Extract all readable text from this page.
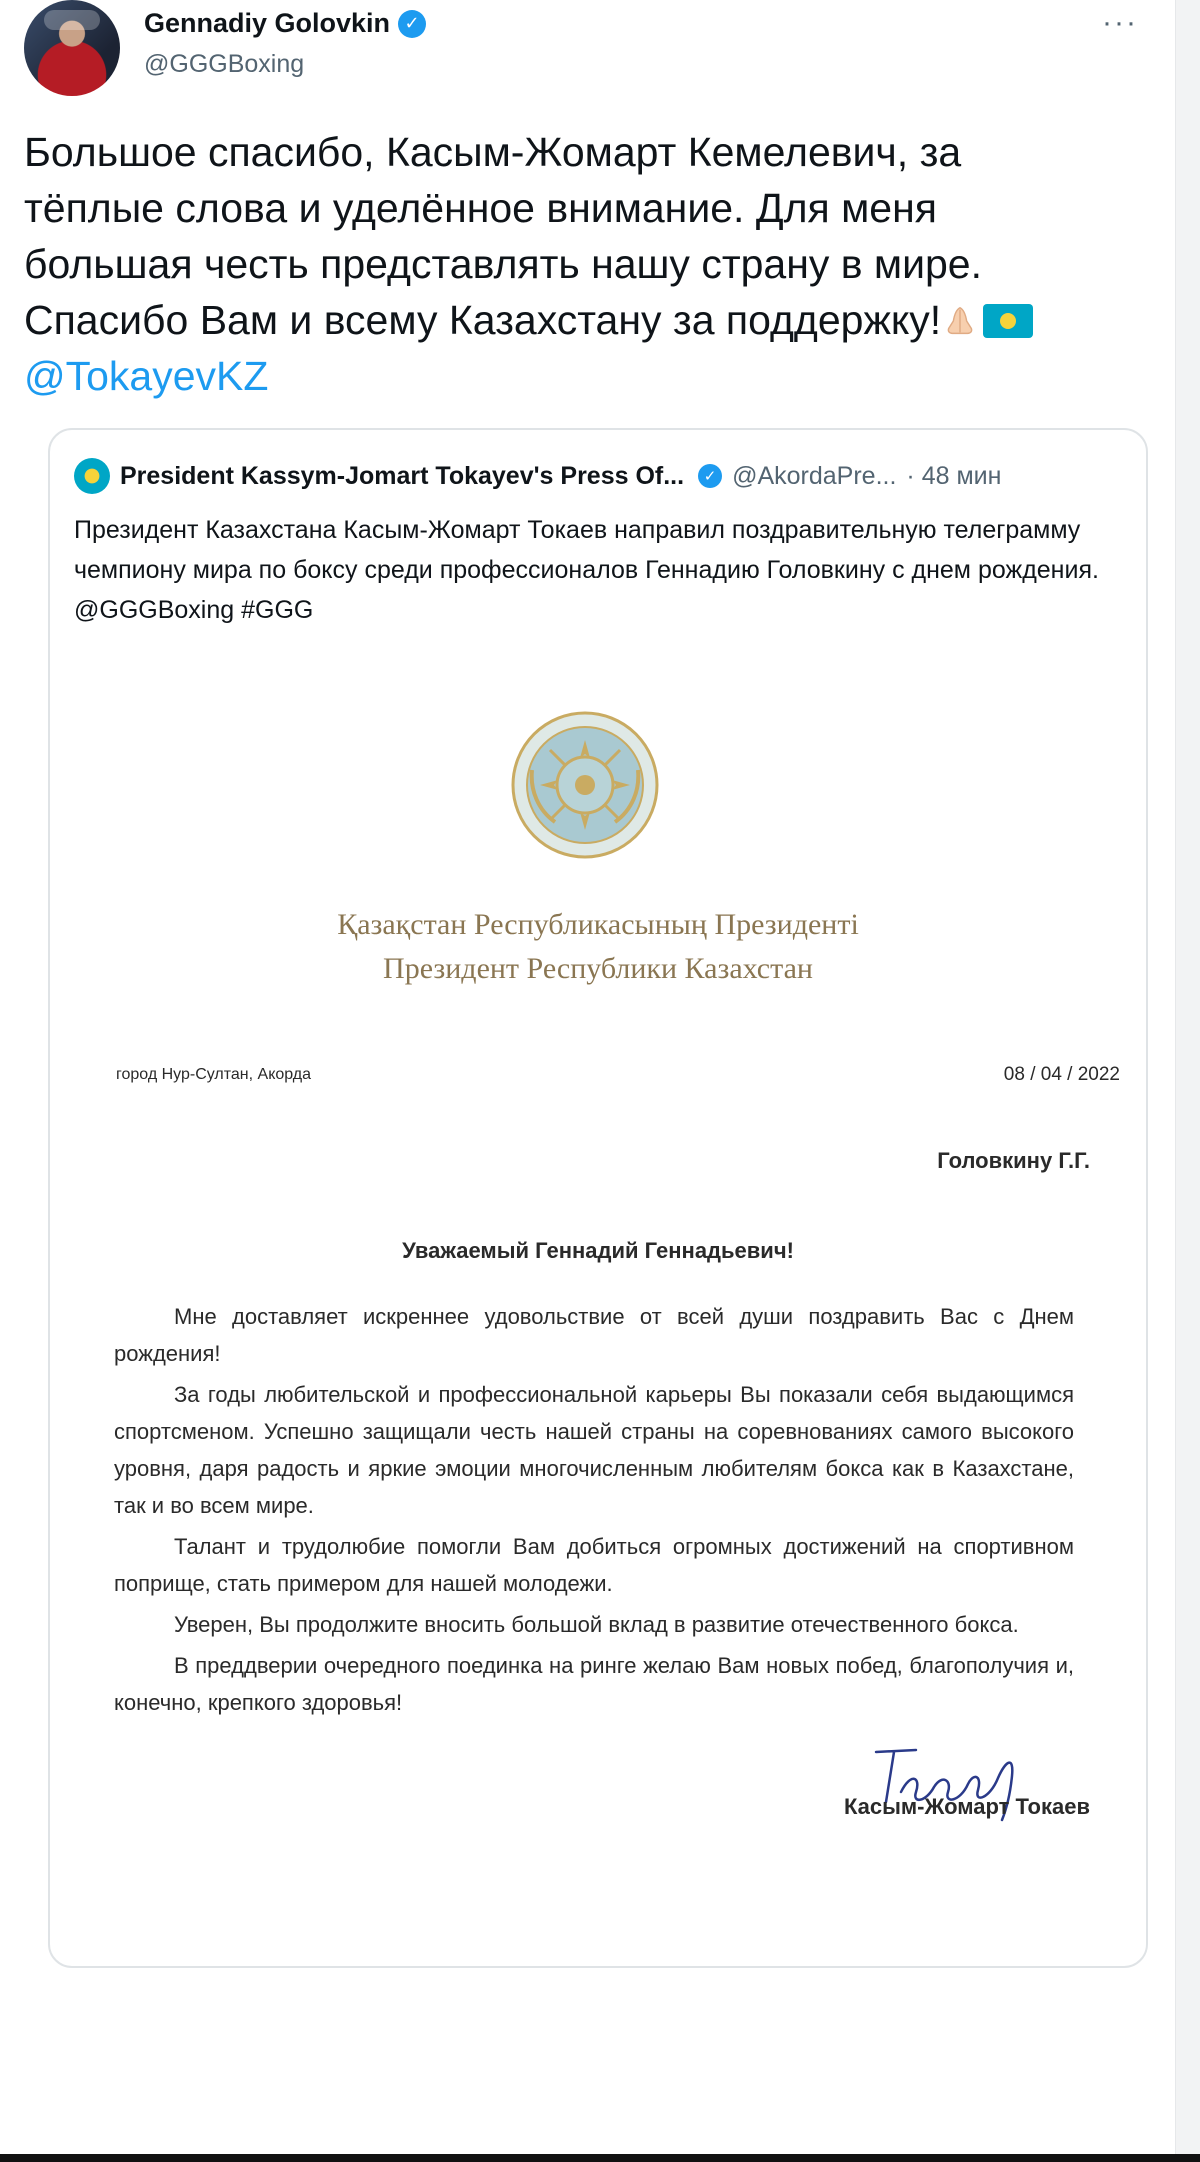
Gennadiy Golovkin ✓
@GGGBoxing
···

Большое спасибо, Касым-Жомарт Кемелевич, за

тёплые слова и уделённое внимание. Для меня

большая честь представлять нашу страну в мире.

Спасибо Вам и всему Казахстану за поддержку!

@TokayevKZ

President Kassym-Jomart Tokayev's Press Of...	✓ @AkordaPre... · 48 мин
Президент Казахстана Касым-Жомарт Токаев направил поздравительную телеграмму чемпиону мира по боксу среди профессионалов Геннадию Головкину с днем рождения. @GGGBoxing #GGG
Қазақстан Республикасының Президенті
Президент Республики Казахстан
город Нур-Султан, Акорда	08 / 04 / 2022
Головкину Г.Г.
Уважаемый Геннадий Геннадьевич!

Мне доставляет искреннее удовольствие от всей души поздравить Вас с Днем рождения!

За годы любительской и профессиональной карьеры Вы показали себя выдающимся спортсменом. Успешно защищали честь нашей страны на соревнованиях самого высокого уровня, даря радость и яркие эмоции многочисленным любителям бокса как в Казахстане, так и во всем мире.

Талант и трудолюбие помогли Вам добиться огромных достижений на спортивном поприще, стать примером для нашей молодежи.

Уверен, Вы продолжите вносить большой вклад в развитие отечественного бокса.

В преддверии очередного поединка на ринге желаю Вам новых побед, благополучия и, конечно, крепкого здоровья!

Касым-Жомарт Токаев
